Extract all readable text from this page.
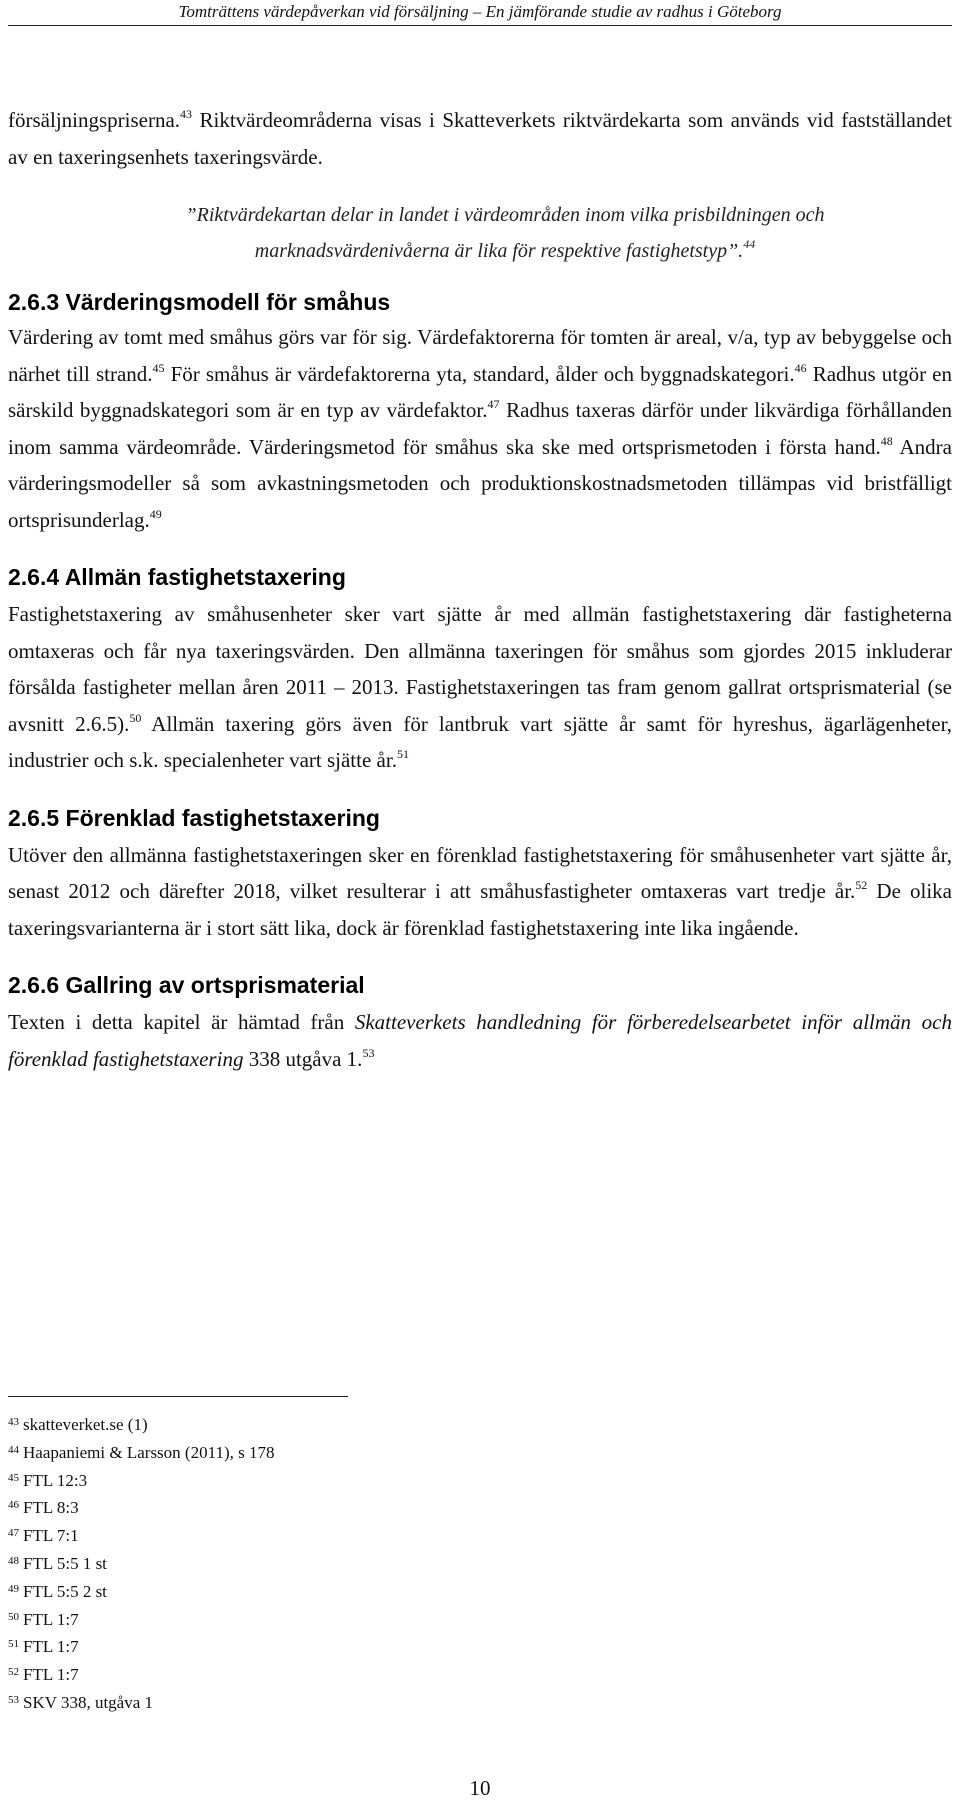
Tomträttens värdepåverkan vid försäljning – En jämförande studie av radhus i Göteborg

försäljningspriserna.$^{43}$ Riktvärdeområderna visas i Skatteverkets riktvärdekarta som används vid fastställandet av en taxeringsenhets taxeringsvärde.

”Riktvärdekartan delar in landet i värdeområden inom vilka prisbildningen och marknadsvärdenivåerna är lika för respektive fastighetstyp”.$^{44}$

2.6.3 Värderingsmodell för småhus

Värdering av tomt med småhus görs var för sig. Värdefaktorerna för tomten är areal, v/a, typ av bebyggelse och närhet till strand.$^{45}$ För småhus är värdefaktorerna yta, standard, ålder och byggnadskategori.$^{46}$ Radhus utgör en särskild byggnadskategori som är en typ av värdefaktor.$^{47}$ Radhus taxeras därför under likvärdiga förhållanden inom samma värdeområde. Värderingsmetod för småhus ska ske med ortsprismetoden i första hand.$^{48}$ Andra värderingsmodeller så som avkastningsmetoden och produktionskostnadsmetoden tillämpas vid bristfälligt ortsprisunderlag.$^{49}$

2.6.4 Allmän fastighetstaxering

Fastighetstaxering av småhusenheter sker vart sjätte år med allmän fastighetstaxering där fastigheterna omtaxeras och får nya taxeringsvärden. Den allmänna taxeringen för småhus som gjordes 2015 inkluderar försålda fastigheter mellan åren 2011 – 2013. Fastighetstaxeringen tas fram genom gallrat ortsprismaterial (se avsnitt 2.6.5).$^{50}$ Allmän taxering görs även för lantbruk vart sjätte år samt för hyreshus, ägarlägenheter, industrier och s.k. specialenheter vart sjätte år.$^{51}$

2.6.5 Förenklad fastighetstaxering

Utöver den allmänna fastighetstaxeringen sker en förenklad fastighetstaxering för småhusenheter vart sjätte år, senast 2012 och därefter 2018, vilket resulterar i att småhusfastigheter omtaxeras vart tredje år.$^{52}$ De olika taxeringsvarianterna är i stort sätt lika, dock är förenklad fastighetstaxering inte lika ingående.

2.6.6 Gallring av ortsprismaterial

Texten i detta kapitel är hämtad från Skatteverkets handledning för förberedelsearbetet inför allmän och förenklad fastighetstaxering 338 utgåva 1.53

$^{43}$ skatteverket.se (1)
$^{44}$ Haapaniemi & Larsson (2011), s 178
$^{45}$ FTL 12:3
$^{46}$ FTL 8:3
$^{47}$ FTL 7:1
$^{48}$ FTL 5:5 1 st
$^{49}$ FTL 5:5 2 st
$^{50}$ FTL 1:7
$^{51}$ FTL 1:7
$^{52}$ FTL 1:7
$^{53}$ SKV 338, utgåva 1
10
